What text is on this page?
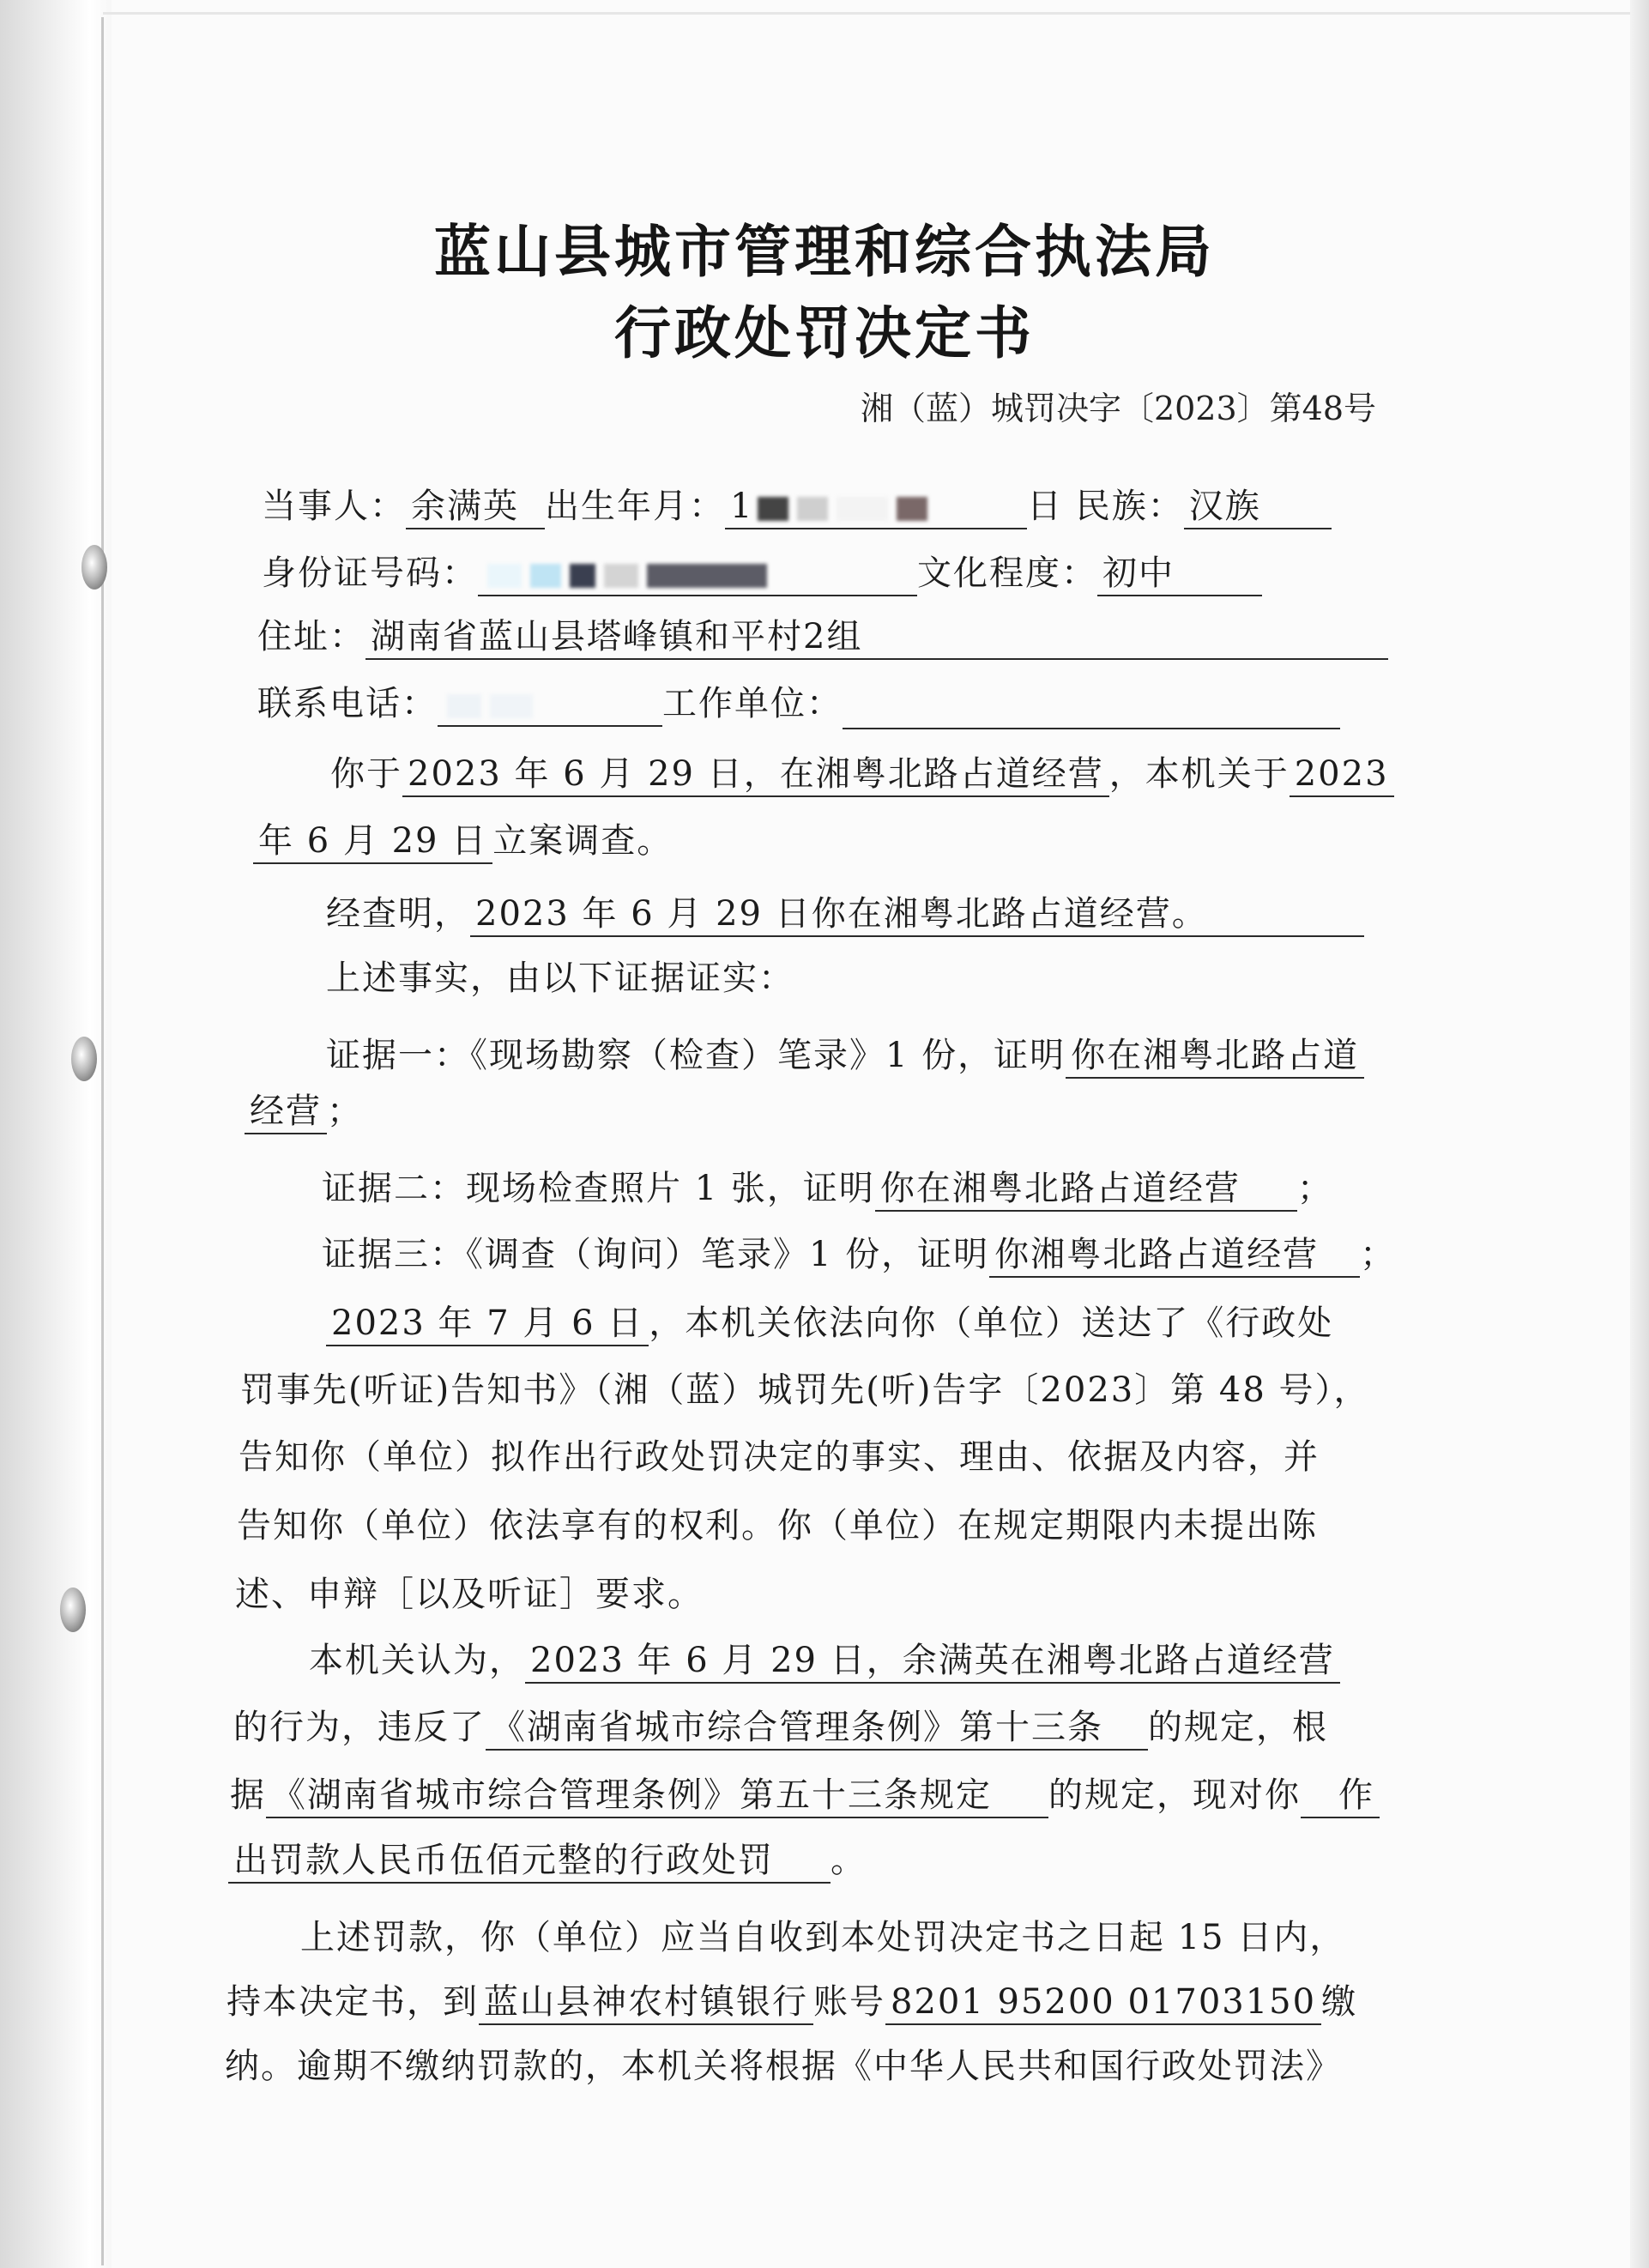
蓝山县城市管理和综合执法局
行政处罚决定书
湘（蓝）城罚决字〔2023〕第48号
当事人： 余满英 出生年月： 1	日 民族： 汉族
身份证号码：	文化程度： 初中
住址： 湖南省蓝山县塔峰镇和平村2组
联系电话：	工作单位：
你于 2023 年 6 月 29 日，在湘粤北路占道经营 ，本机关于 2023
年 6 月 29 日 立案调查。
经查明， 2023 年 6 月 29 日你在湘粤北路占道经营。
上述事实，由以下证据证实：
证据一：《现场勘察（检查）笔录》1 份，证明 你在湘粤北路占道
经营 ；
证据二：现场检查照片 1 张，证明 你在湘粤北路占道经营 ；
证据三：《调查（询问）笔录》1 份，证明 你湘粤北路占道经营 ；
2023 年 7 月 6 日 ，本机关依法向你（单位）送达了《行政处
罚事先(听证)告知书》（湘（蓝）城罚先(听)告字〔2023〕第 48 号），
告知你（单位）拟作出行政处罚决定的事实、理由、依据及内容，并
告知你（单位）依法享有的权利。你（单位）在规定期限内未提出陈
述、申辩［以及听证］要求。
本机关认为， 2023 年 6 月 29 日，余满英在湘粤北路占道经营
的行为，违反了 《湖南省城市综合管理条例》第十三条 的规定，根
据 《湖南省城市综合管理条例》第五十三条规定 的规定，现对你 作
出罚款人民币伍佰元整的行政处罚 。
上述罚款，你（单位）应当自收到本处罚决定书之日起 15 日内，
持本决定书，到 蓝山县神农村镇银行 账号 8201 95200 01703150 缴
纳。逾期不缴纳罚款的，本机关将根据《中华人民共和国行政处罚法》
